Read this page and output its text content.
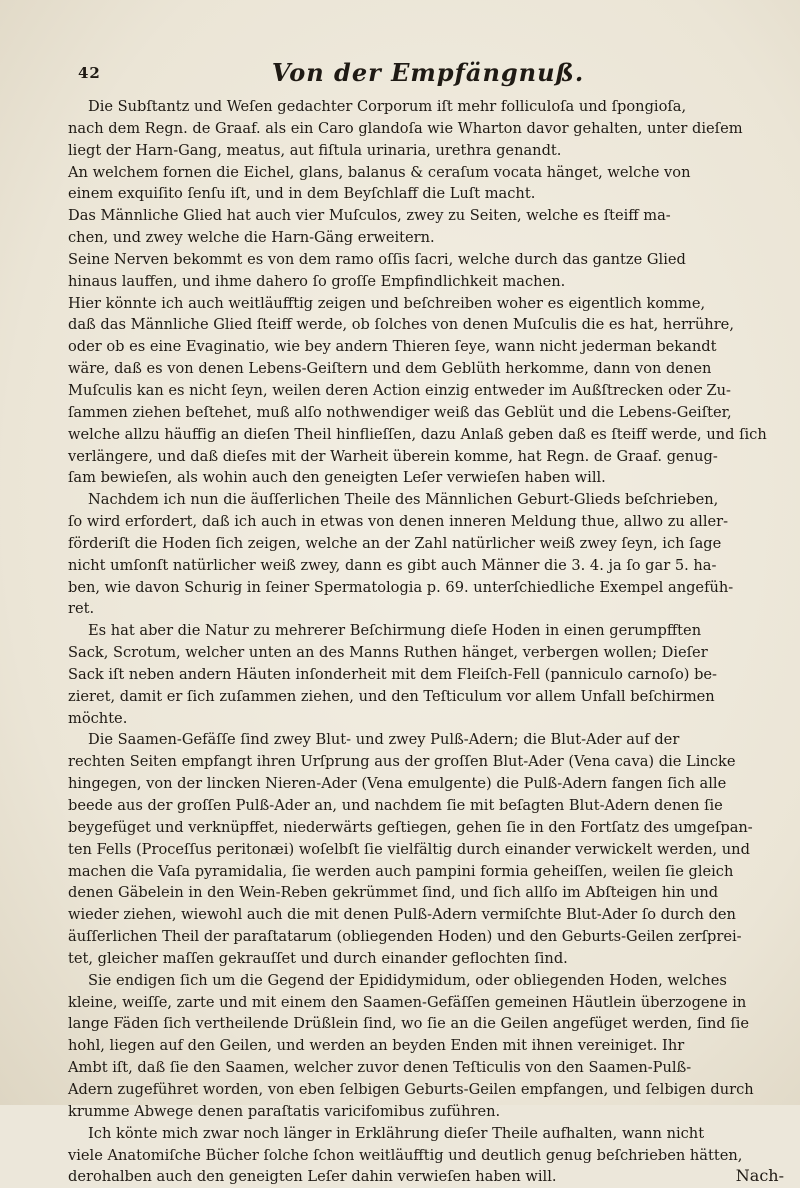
42	Von der Empfängnuß.
Die Subſtantz und Weſen gedachter Corporum iſt mehr folliculoſa und ſpongioſa,
nach dem Regn. de Graaf. als ein Caro glandoſa wie Wharton davor gehalten, unter dieſem
liegt der Harn-Gang, meatus, aut fiſtula urinaria, urethra genandt.
An welchem fornen die Eichel, glans, balanus & ceraſum vocata hänget, welche von
einem exquiſito ſenſu iſt, und in dem Beyſchlaff die Luſt macht.
Das Männliche Glied hat auch vier Muſculos, zwey zu Seiten, welche es ſteiff ma-
chen, und zwey welche die Harn-Gäng erweitern.
Seine Nerven bekommt es von dem ramo oſſis ſacri, welche durch das gantze Glied
hinaus lauffen, und ihme dahero ſo groſſe Empfindlichkeit machen.
Hier könnte ich auch weitläufftig zeigen und beſchreiben woher es eigentlich komme,
daß das Männliche Glied ſteiff werde, ob ſolches von denen Muſculis die es hat, herrühre,
oder ob es eine Evaginatio, wie bey andern Thieren ſeye, wann nicht jederman bekandt
wäre, daß es von denen Lebens-Geiſtern und dem Geblüth herkomme, dann von denen
Muſculis kan es nicht ſeyn, weilen deren Action einzig entweder im Außſtrecken oder Zu-
ſammen ziehen beſtehet, muß alſo nothwendiger weiß das Geblüt und die Lebens-Geiſter,
welche allzu häuffig an dieſen Theil hinflieſſen, dazu Anlaß geben daß es ſteiff werde, und ſich
verlängere, und daß dieſes mit der Warheit überein komme, hat Regn. de Graaf. genug-
ſam bewieſen, als wohin auch den geneigten Leſer verwieſen haben will.
Nachdem ich nun die äuſſerlichen Theile des Männlichen Geburt-Glieds beſchrieben,
ſo wird erfordert, daß ich auch in etwas von denen inneren Meldung thue, allwo zu aller-
förderiſt die Hoden ſich zeigen, welche an der Zahl natürlicher weiß zwey ſeyn, ich ſage
nicht umſonſt natürlicher weiß zwey, dann es gibt auch Männer die 3. 4. ja ſo gar 5. ha-
ben, wie davon Schurig in ſeiner Spermatologia p. 69. unterſchiedliche Exempel angefüh-
ret.
Es hat aber die Natur zu mehrerer Beſchirmung dieſe Hoden in einen gerumpfften
Sack, Scrotum, welcher unten an des Manns Ruthen hänget, verbergen wollen; Dieſer
Sack iſt neben andern Häuten inſonderheit mit dem Fleiſch-Fell (panniculo carnoſo) be-
zieret, damit er ſich zuſammen ziehen, und den Teſticulum vor allem Unfall beſchirmen
möchte.
Die Saamen-Gefäſſe ſind zwey Blut- und zwey Pulß-Adern; die Blut-Ader auf der
rechten Seiten empfangt ihren Urſprung aus der groſſen Blut-Ader (Vena cava) die Lincke
hingegen, von der lincken Nieren-Ader (Vena emulgente) die Pulß-Adern fangen ſich alle
beede aus der groſſen Pulß-Ader an, und nachdem ſie mit beſagten Blut-Adern denen ſie
beygefüget und verknüpffet, niederwärts geſtiegen, gehen ſie in den Fortſatz des umgeſpan-
ten Fells (Proceſſus peritonæi) woſelbſt ſie vielfältig durch einander verwickelt werden, und
machen die Vaſa pyramidalia, ſie werden auch pampini formia geheiſſen, weilen ſie gleich
denen Gäbelein in den Wein-Reben gekrümmet ſind, und ſich allſo im Abſteigen hin und
wieder ziehen, wiewohl auch die mit denen Pulß-Adern vermiſchte Blut-Ader ſo durch den
äuſſerlichen Theil der paraſtatarum (obliegenden Hoden) und den Geburts-Geilen zerſprei-
tet, gleicher maſſen gekrauſſet und durch einander geflochten ſind.
Sie endigen ſich um die Gegend der Epididymidum, oder obliegenden Hoden, welches
kleine, weiſſe, zarte und mit einem den Saamen-Gefäſſen gemeinen Häutlein überzogene in
lange Fäden ſich vertheilende Drüßlein ſind, wo ſie an die Geilen angefüget werden, ſind ſie
hohl, liegen auf den Geilen, und werden an beyden Enden mit ihnen vereiniget. Ihr
Ambt iſt, daß ſie den Saamen, welcher zuvor denen Teſticulis von den Saamen-Pulß-
Adern zugeführet worden, von eben ſelbigen Geburts-Geilen empfangen, und ſelbigen durch
krumme Abwege denen paraſtatis varicifomibus zuführen.
Ich könte mich zwar noch länger in Erklährung dieſer Theile aufhalten, wann nicht
viele Anatomiſche Bücher ſolche ſchon weitläufftig und deutlich genug beſchrieben hätten,
derohalben auch den geneigten Leſer dahin verwieſen haben will.	Nach-
